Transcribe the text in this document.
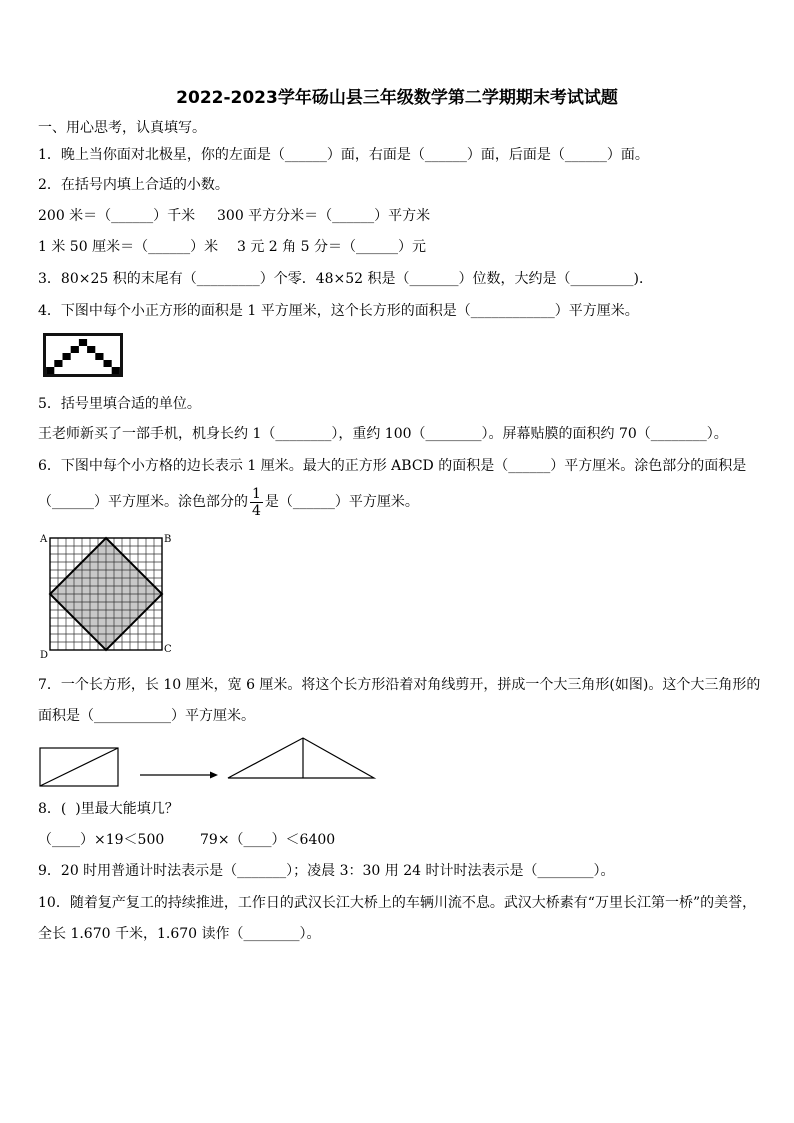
2022-2023学年砀山县三年级数学第二学期期末考试试题
一、用心思考，认真填写。
1．晚上当你面对北极星，你的左面是（______）面，右面是（______）面，后面是（______）面。
2．在括号内填上合适的小数。
200 米＝（______）千米 300 平方分米＝（______）平方米
1 米 50 厘米＝（______）米 3 元 2 角 5 分＝（______）元
3．80×25 积的末尾有（_________）个零．48×52 积是（_______）位数，大约是（_________)．
4．下图中每个小正方形的面积是 1 平方厘米，这个长方形的面积是（____________）平方厘米。
5．括号里填合适的单位。
王老师新买了一部手机，机身长约 1（________），重约 100（________）。屏幕贴膜的面积约 70（________）。
6．下图中每个小方格的边长表示 1 厘米。最大的正方形 ABCD 的面积是（______）平方厘米。涂色部分的面积是
（______）平方厘米。涂色部分的 $\frac{1}{4}$ 是（______）平方厘米。
A	B
C
D
7．一个长方形，长 10 厘米，宽 6 厘米。将这个长方形沿着对角线剪开，拼成一个大三角形(如图)。这个大三角形的
面积是（___________）平方厘米。
8．(  )里最大能填几？
（____）×19＜500	79×（____）＜6400
9．20 时用普通计时法表示是（_______）；凌晨 3：30 用 24 时计时法表示是（________）。
10．随着复产复工的持续推进，工作日的武汉长江大桥上的车辆川流不息。武汉大桥素有“万里长江第一桥”的美誉，
全长 1.670 千米，1.670 读作（________）。
